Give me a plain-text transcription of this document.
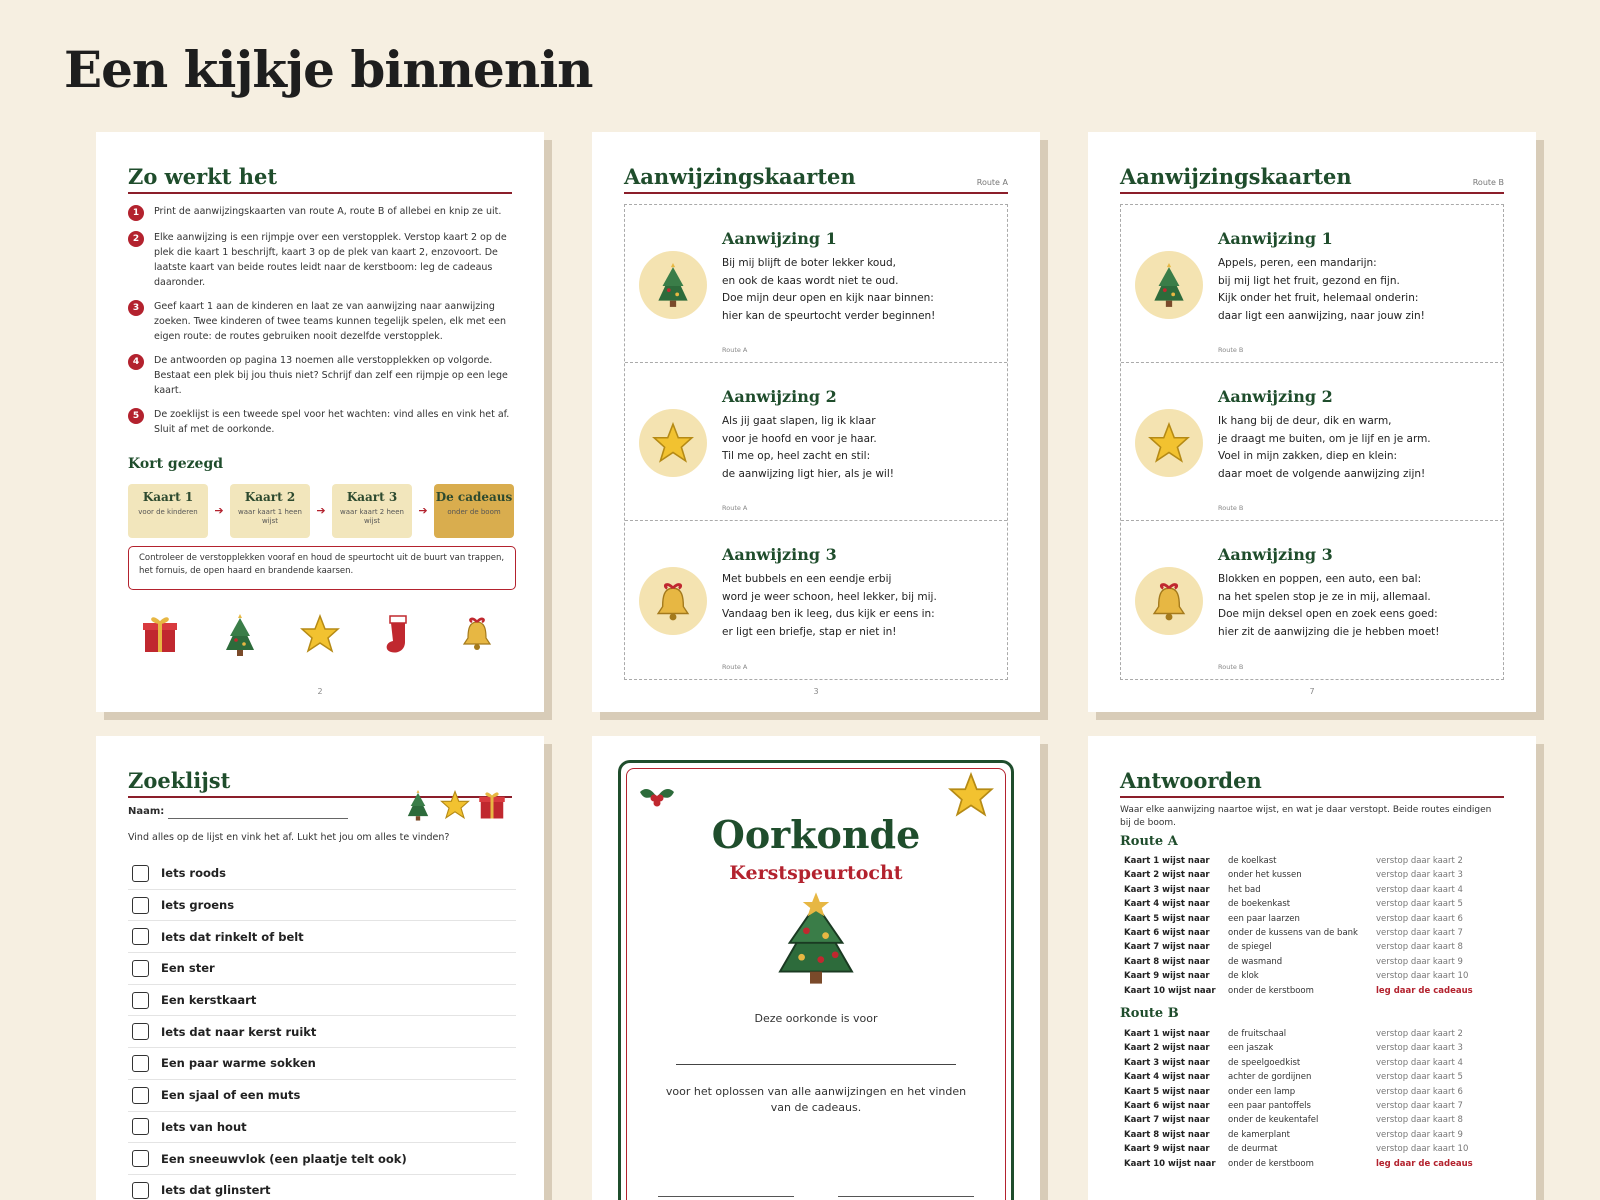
Een kijkje binnenin
Zo werkt het
1	Print de aanwijzingskaarten van route A, route B of allebei en knip ze uit.
2	Elke aanwijzing is een rijmpje over een verstopplek. Verstop kaart 2 op de plek die kaart 1 beschrijft, kaart 3 op de plek van kaart 2, enzovoort. De laatste kaart van beide routes leidt naar de kerstboom: leg de cadeaus daaronder.
3	Geef kaart 1 aan de kinderen en laat ze van aanwijzing naar aanwijzing zoeken. Twee kinderen of twee teams kunnen tegelijk spelen, elk met een eigen route: de routes gebruiken nooit dezelfde verstopplek.
4	De antwoorden op pagina 13 noemen alle verstopplekken op volgorde. Bestaat een plek bij jou thuis niet? Schrijf dan zelf een rijmpje op een lege kaart.
5	De zoeklijst is een tweede spel voor het wachten: vind alles en vink het af. Sluit af met de oorkonde.
Kort gezegd
Kaart 1
voor de kinderen	➔
Kaart 2
waar kaart 1 heen wijst
➔
Kaart 3
waar kaart 2 heen wijst
➔
De cadeaus
onder de boom
Controleer de verstopplekken vooraf en houd de speurtocht uit de buurt van trappen, het fornuis, de open haard en brandende kaarsen.
2
Aanwijzingskaarten	Route A
Aanwijzing 1
Bij mij blijft de boter lekker koud,
en ook de kaas wordt niet te oud.
Doe mijn deur open en kijk naar binnen:
hier kan de speurtocht verder beginnen!
Route A
Aanwijzing 2
Als jij gaat slapen, lig ik klaar
voor je hoofd en voor je haar.
Til me op, heel zacht en stil:
de aanwijzing ligt hier, als je wil!
Route A
Aanwijzing 3
Met bubbels en een eendje erbij
word je weer schoon, heel lekker, bij mij.
Vandaag ben ik leeg, dus kijk er eens in:
er ligt een briefje, stap er niet in!
Route A
3
Aanwijzingskaarten	Route B
Aanwijzing 1
Appels, peren, een mandarijn:
bij mij ligt het fruit, gezond en fijn.
Kijk onder het fruit, helemaal onderin:
daar ligt een aanwijzing, naar jouw zin!
Route B
Aanwijzing 2
Ik hang bij de deur, dik en warm,
je draagt me buiten, om je lijf en je arm.
Voel in mijn zakken, diep en klein:
daar moet de volgende aanwijzing zijn!
Route B
Aanwijzing 3
Blokken en poppen, een auto, een bal:
na het spelen stop je ze in mij, allemaal.
Doe mijn deksel open en zoek eens goed:
hier zit de aanwijzing die je hebben moet!
Route B
7
Zoeklijst
Naam:
Vind alles op de lijst en vink het af. Lukt het jou om alles te vinden?
Iets roods
Iets groens
Iets dat rinkelt of belt
Een ster
Een kerstkaart
Iets dat naar kerst ruikt
Een paar warme sokken
Een sjaal of een muts
Iets van hout
Een sneeuwvlok (een plaatje telt ook)
Iets dat glinstert
Oorkonde
Kerstspeurtocht
Deze oorkonde is voor
voor het oplossen van alle aanwijzingen en het vinden van de cadeaus.
Antwoorden
Waar elke aanwijzing naartoe wijst, en wat je daar verstopt. Beide routes eindigen bij de boom.
Route A
Kaart 1 wijst naar de koelkast	verstop daar kaart 2
Kaart 2 wijst naar onder het kussen	verstop daar kaart 3
Kaart 3 wijst naar het bad	verstop daar kaart 4
Kaart 4 wijst naar de boekenkast	verstop daar kaart 5
Kaart 5 wijst naar een paar laarzen	verstop daar kaart 6
Kaart 6 wijst naar onder de kussens van de bank verstop daar kaart 7
Kaart 7 wijst naar de spiegel	verstop daar kaart 8
Kaart 8 wijst naar de wasmand	verstop daar kaart 9
Kaart 9 wijst naar de klok	verstop daar kaart 10
Kaart 10 wijst naar onder de kerstboom	leg daar de cadeaus
Route B
Kaart 1 wijst naar de fruitschaal	verstop daar kaart 2
Kaart 2 wijst naar een jaszak	verstop daar kaart 3
Kaart 3 wijst naar de speelgoedkist	verstop daar kaart 4
Kaart 4 wijst naar achter de gordijnen	verstop daar kaart 5
Kaart 5 wijst naar onder een lamp	verstop daar kaart 6
Kaart 6 wijst naar een paar pantoffels	verstop daar kaart 7
Kaart 7 wijst naar onder de keukentafel	verstop daar kaart 8
Kaart 8 wijst naar de kamerplant	verstop daar kaart 9
Kaart 9 wijst naar de deurmat	verstop daar kaart 10
Kaart 10 wijst naar onder de kerstboom	leg daar de cadeaus
